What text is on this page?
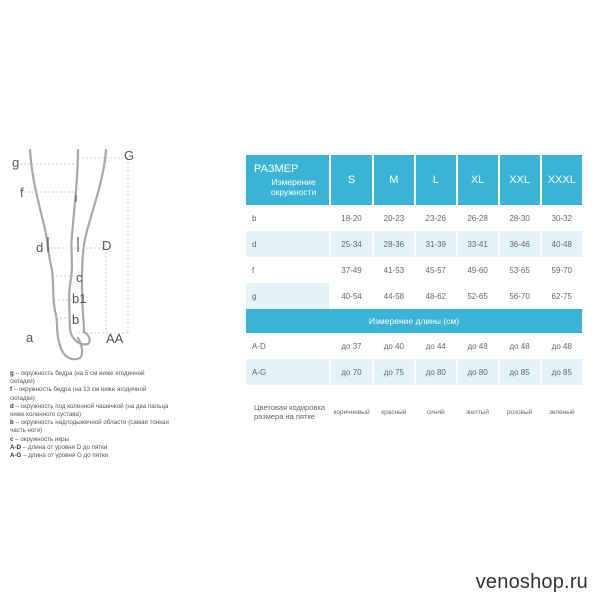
g
f
d
c
b1
b
a
G
D
AA
g – окружность бедра (на 5 см ниже ягодичной складки)
f – окружность бедра (на 13 см ниже ягодичной складки)
d – окружность под коленной чашечкой (на два пальца ниже коленного сустава)
b – окружность надлодыжечной области (самая тонкая часть ноги)
c – окружность икры
A-D – длина от уровня D до пятки
A-G – длина от уровня G до пятки
РАЗМЕР
Измерение окружности		S		M		L		XL		XXL		XXXL
b		18-20		20-23		23-26		26-28		28-30		30-32
d		25-34		28-36		31-39		33-41		36-46		40-48
f		37-49		41-53		45-57		49-60		53-65		59-70
g		40-54		44-58		48-62		52-65		56-70		62-75
Измерение длины (см)												
A-D		до 37		до 40		до 44		до 48		до 48		до 48
A-G		до 70		до 75		до 80		до 80		до 85		до 85
Цветовая кодировка размера на пятке		коричневый		красный		синий		желтый		розовый		зеленый
venoshop.ru
